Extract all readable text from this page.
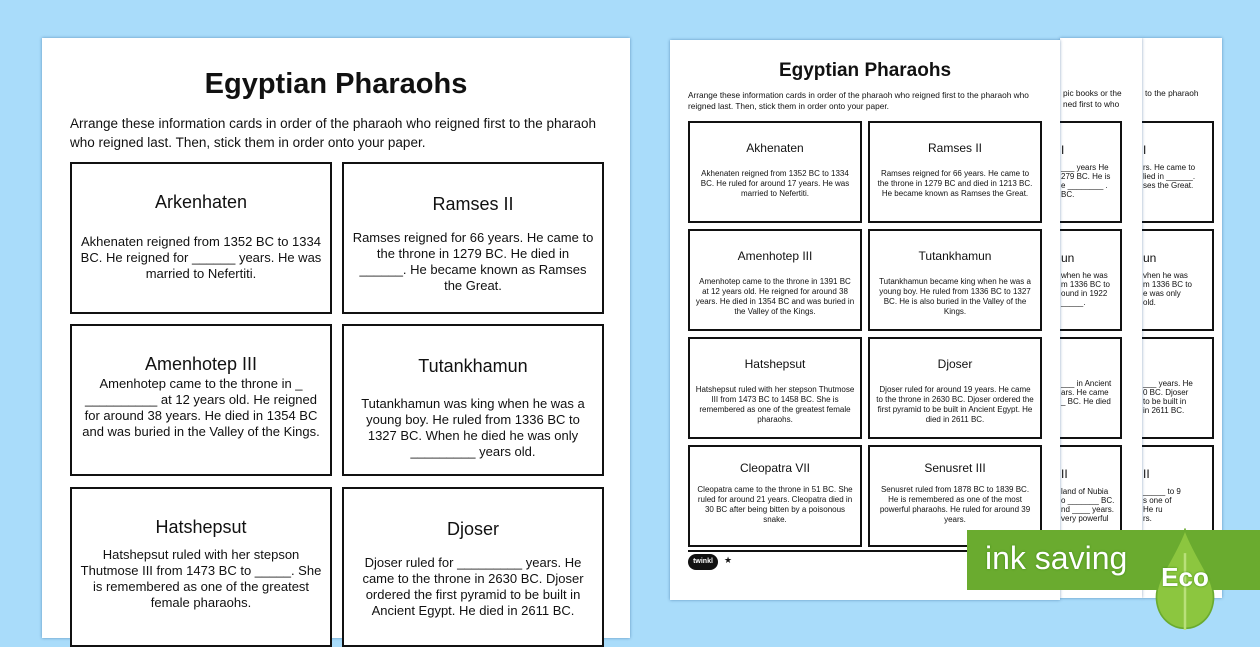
Egyptian Pharaohs
Arrange these information cards in order of the pharaoh who reigned first to the pharaoh who reigned last. Then, stick them in order onto your paper.
Arkenhaten
Akhenaten reigned from 1352 BC to 1334 BC. He reigned for ______ years. He was married to Nefertiti.
Ramses II
Ramses reigned for 66 years. He came to the throne in 1279 BC. He died in ______. He became known as Ramses the Great.
Amenhotep III
Amenhotep came to the throne in _ __________ at 12 years old. He reigned for around 38 years. He died in 1354 BC and was buried in the Valley of the Kings.
Tutankhamun
Tutankhamun was king when he was a young boy. He ruled from 1336 BC to 1327 BC. When he died he was only _________ years old.
Hatshepsut
Hatshepsut ruled with her stepson Thutmose III from 1473 BC to _____. She is remembered as one of the greatest female pharaohs.
Djoser
Djoser ruled for _________ years. He came to the throne in 2630 BC. Djoser ordered the first pyramid to be built in Ancient Egypt. He died in 2611 BC.
pic books or the
ned first to who
I
___ years He
279 BC. He is
e ________ .
BC.
un
when he was
m 1336 BC to
ound in 1922
_____.
___ in Ancient
ars. He came
_ BC. He died
II
land of Nubia
o _______ BC.
nd ____ years.
very powerful
to the pharaoh
I
rs. He came to
lied in ______.
ses the Great.
un
vhen he was
m 1336 BC to
e was only
old.
___ years. He
0 BC. Djoser
to be built in
in 2611 BC.
II
_____ to 9
s one of
He ru
rs.
Egyptian Pharaohs
Arrange these information cards in order of the pharaoh who reigned first to the pharaoh who reigned last. Then, stick them in order onto your paper.
twinkl	★
Akhenaten
Akhenaten reigned from 1352 BC to 1334 BC. He ruled for around 17 years. He was married to Nefertiti.
Ramses II
Ramses reigned for 66 years. He came to the throne in 1279 BC and died in 1213 BC. He became known as Ramses the Great.
Amenhotep III
Amenhotep came to the throne in 1391 BC at 12 years old. He reigned for around 38 years. He died in 1354 BC and was buried in the Valley of the Kings.
Tutankhamun
Tutankhamun became king when he was a young boy. He ruled from 1336 BC to 1327 BC. He is also buried in the Valley of the Kings.
Hatshepsut
Hatshepsut ruled with her stepson Thutmose III from 1473 BC to 1458 BC. She is remembered as one of the greatest female pharaohs.
Djoser
Djoser ruled for around 19 years. He came to the throne in 2630 BC. Djoser ordered the first pyramid to be built in Ancient Egypt. He died in 2611 BC.
Cleopatra VII
Cleopatra came to the throne in 51 BC. She ruled for around 21 years. Cleopatra died in 30 BC after being bitten by a poisonous snake.
Senusret III
Senusret ruled from 1878 BC to 1839 BC. He is remembered as one of the most powerful pharaohs. He ruled for around 39 years.
ink saving
Eco
